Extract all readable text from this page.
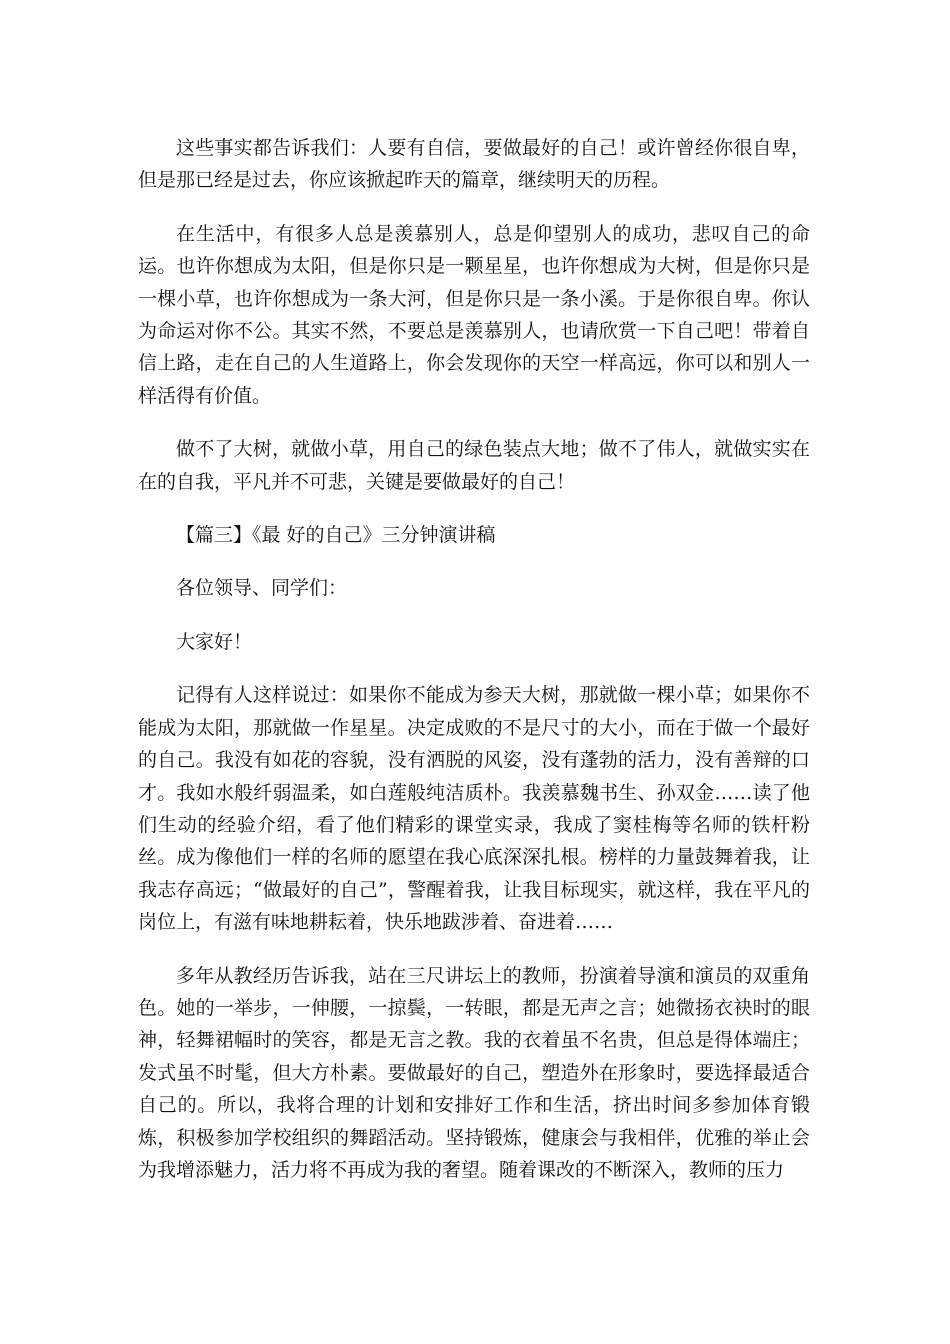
这些事实都告诉我们：人要有自信，要做最好的自己！或许曾经你很自卑，但是那已经是过去，你应该掀起昨天的篇章，继续明天的历程。

在生活中，有很多人总是羡慕别人，总是仰望别人的成功，悲叹自己的命运。也许你想成为太阳，但是你只是一颗星星，也许你想成为大树，但是你只是一棵小草，也许你想成为一条大河，但是你只是一条小溪。于是你很自卑。你认为命运对你不公。其实不然，不要总是羡慕别人，也请欣赏一下自己吧！带着自信上路，走在自己的人生道路上，你会发现你的天空一样高远，你可以和别人一样活得有价值。

做不了大树，就做小草，用自己的绿色装点大地；做不了伟人，就做实实在在的自我，平凡并不可悲，关键是要做最好的自己！

【篇三】《最 好的自己》三分钟演讲稿

各位领导、同学们：

大家好！

记得有人这样说过：如果你不能成为参天大树，那就做一棵小草；如果你不能成为太阳，那就做一作星星。决定成败的不是尺寸的大小，而在于做一个最好的自己。我没有如花的容貌，没有洒脱的风姿，没有蓬勃的活力，没有善辩的口才。我如水般纤弱温柔，如白莲般纯洁质朴。我羡慕魏书生、孙双金……读了他们生动的经验介绍，看了他们精彩的课堂实录，我成了窦桂梅等名师的铁杆粉丝。成为像他们一样的名师的愿望在我心底深深扎根。榜样的力量鼓舞着我，让我志存高远；“做最好的自己”，警醒着我，让我目标现实，就这样，我在平凡的岗位上，有滋有味地耕耘着，快乐地跋涉着、奋进着……

多年从教经历告诉我，站在三尺讲坛上的教师，扮演着导演和演员的双重角色。她的一举步，一伸腰，一掠鬓，一转眼，都是无声之言；她微扬衣袂时的眼神，轻舞裙幅时的笑容，都是无言之教。我的衣着虽不名贵，但总是得体端庄；发式虽不时髦，但大方朴素。要做最好的自己，塑造外在形象时，要选择最适合自己的。所以，我将合理的计划和安排好工作和生活，挤出时间多参加体育锻炼，积极参加学校组织的舞蹈活动。坚持锻炼，健康会与我相伴，优雅的举止会为我增添魅力，活力将不再成为我的奢望。随着课改的不断深入，教师的压力
